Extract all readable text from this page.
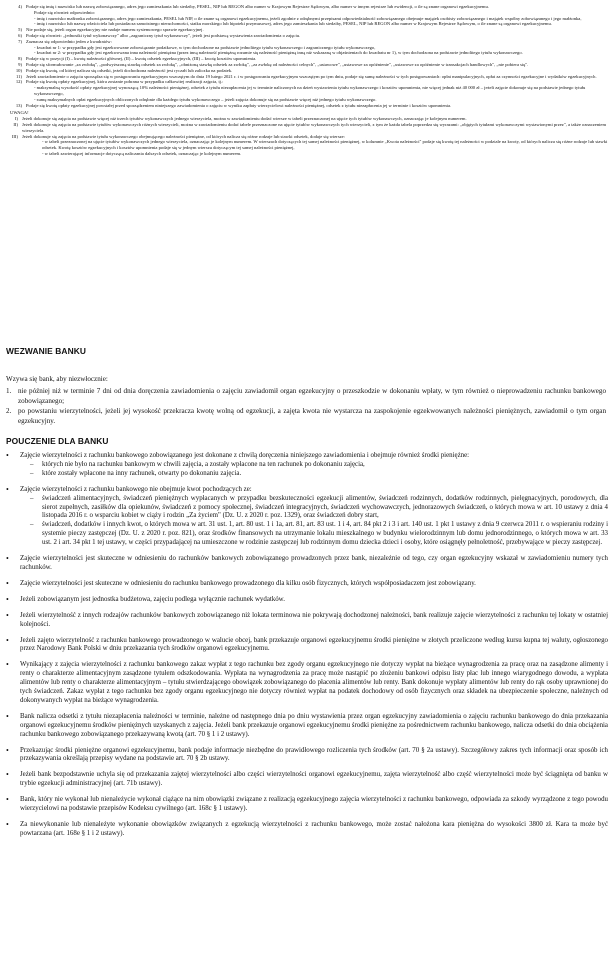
4) Podaje się imię i nazwisko lub nazwę zobowiązanego, adres jego zamieszkania lub siedziby, PESEL, NIP lub REGON albo numer w Krajowym Rejestrze Sądowym, albo numer w innym rejestrze lub ewidencji, o ile są znane organowi egzekucyjnemu.
Podaje się również odpowiednio:
- imię i nazwisko małżonka zobowiązanego, adres jego zamieszkania, PESEL lub NIP, o ile znane są organowi egzekucyjnemu, jeżeli zgodnie z odrębnymi przepisami odpowiedzialność zobowiązanego obejmuje majątek osobisty zobowiązanego i majątek wspólny zobowiązanego i jego małżonka,
- imię i nazwisko lub nazwę właściciela lub posiadacza samoistnego nieruchomości, statku morskiego lub hipoteki przymusowej, adres jego zamieszkania lub siedziby, PESEL, NIP lub REGON albo numer w Krajowym Rejestrze Sądowym, o ile znane są organowi egzekucyjnemu.
5) Nie podaje się, jeżeli organ egzekucyjny nie nadaje numeru systemowego sprawie egzekucyjnej.
6) Podaje się również: „jednostki tytuł wykonawczy" albo „zagraniczny tytuł wykonawczy", jeżeli jest podstawą wystawienia zawiadomienia o zajęciu.
7) Zaznacza się odpowiednio jeden z kwadratów:
- kwadrat nr 1: w przypadku gdy jest egzekwowane zobowiązanie podatkowe, w tym dochodzone na podstawie jednolitego tytułu wykonawczego i zagranicznego tytułu wykonawczego,
- kwadrat nr 2: w przypadku gdy jest egzekwowana inna należność pieniężna (przez inną należność pieniężną rozumie się należność pieniężną inną niż wskazaną w objaśnieniach do kwadratu nr 1), w tym dochodzona na podstawie jednolitego tytułu wykonawczego.
8) Podaje się w pozycji (I) – kwotę należności głównej, (II) – kwotę odsetek egzekucyjnych, (III) – kwotę kosztów upomnienia.
9) Podaje się sformułowanie „za zwłokę", „podwyższoną stawkę odsetek za zwłokę", „obniżoną stawkę odsetek za zwłokę", „za zwłokę od należności celnych", „ustawowe", „ustawowe za opóźnienie", „ustawowe za opóźnienie w transakcjach handlowych", „nie pobiera się".
10) Podaje się kwotę, od której nalicza się odsetki, jeżeli dochodzona należność jest ryczałt lub zaliczka na podatek.
11) Jeżeli zawiadomienie o zajęciu sporządza się w postępowaniu egzekucyjnym wszczętym do dnia 19 lutego 2021 r. i w postępowaniu egzekucyjnym wszczętym po tym dniu, podaje się sumę należności w tych postępowaniach: opłat manipulacyjnych, opłat za czynności egzekucyjne i wydatków egzekucyjnych.
12) Podaje się kwotę opłaty egzekucyjnej, która zostanie pobrana w przypadku całkowitej realizacji zajęcia, tj.:
- maksymalną wysokość opłaty egzekucyjnej wynoszącą 10% należności pieniężnej, odsetek z tytułu niezapłacenia jej w terminie naliczonych na dzień wystawienia tytułu wykonawczego i kosztów upomnienia, nie więcej jednak niż 40 000 zł – jeżeli zajęcie dokonuje się na podstawie jednego tytułu wykonawczego,
- sumę maksymalnych opłat egzekucyjnych obliczonych odrębnie dla każdego tytułu wykonawczego – jeżeli zajęcia dokonuje się na podstawie więcej niż jednego tytułu wykonawczego.
13) Podaje się kwotę opłaty egzekucyjnej powstałej przed sporządzeniem niniejszego zawiadomienia o zajęciu w wyniku zapłaty wierzycielowi należności pieniężnej, odsetek z tytułu niezapłacenia jej w terminie i kosztów upomnienia.

UWAGA!

I) Jeżeli dokonuje się zajęcia na podstawie więcej niż trzech tytułów wykonawczych jednego wierzyciela, można w zawiadomieniu dodać wiersze w tabeli przeznaczonej na ujęcie tych tytułów wykonawczych, oznaczając je kolejnym numerem.
II) Jeżeli dokonuje się zajęcia na podstawie tytułów wykonawczych różnych wierzycieli, można w zawiadomieniu dodać tabele przeznaczone na ujęcie tytułów wykonawczych tych wierzycieli, z tym że każda tabela poprzedza się wyrazami: „objętych tytułami wykonawczymi wystawionymi przez", a także oznaczeniem wierzyciela.
III) Jeżeli dokonuje się zajęcia na podstawie tytułu wykonawczego obejmującego należności pieniężne, od których nalicza się różne rodzaje lub stawki odsetek, dodaje się wiersze:
- w tabeli przeznaczonej na ujęcie tytułów wykonawczych jednego wierzyciela, oznaczając je kolejnym numerem. W wierszach dotyczących tej samej należności pieniężnej, w kolumnie „Kwota należności" podaje się kwotę tej należności w podziale na kwoty, od których nalicza się różne rodzaje lub stawki odsetek. Kwotę kosztów egzekucyjnych i kosztów upomnienia podaje się w jednym wierszu dotyczącym tej samej należności pieniężnej,
- w tabeli zawierającej informacje dotyczącą naliczania dalszych odsetek, oznaczając je kolejnym numerem.
WEZWANIE BANKU

Wzywa się bank, aby niezwłocznie:

1. nie później niż w terminie 7 dni od dnia doręczenia zawiadomienia o zajęciu zawiadomił organ egzekucyjny o przeszkodzie w dokonaniu wpłaty, w tym również o nieprowadzeniu rachunku bankowego zobowiązanego;
2. po powstaniu wierzytelności, jeżeli jej wysokość przekracza kwotę wolną od egzekucji, a zajęta kwota nie wystarcza na zaspokojenie egzekwowanych należności pieniężnych, zawiadomił o tym organ egzekucyjny.
POUCZENIE DLA BANKU
•	Zajęcie wierzytelności z rachunku bankowego zobowiązanego jest dokonane z chwilą doręczenia niniejszego zawiadomienia i obejmuje również środki pieniężne:
–	których nie było na rachunku bankowym w chwili zajęcia, a zostały wpłacone na ten rachunek po dokonaniu zajęcia,
–	które zostały wpłacone na inny rachunek, otwarty po dokonaniu zajęcia.
•	Zajęcie wierzytelności z rachunku bankowego nie obejmuje kwot pochodzących ze:
–	świadczeń alimentacyjnych, świadczeń pieniężnych wypłacanych w przypadku bezskuteczności egzekucji alimentów, świadczeń rodzinnych, dodatków rodzinnych, pielęgnacyjnych, porodowych, dla sierot zupełnych, zasiłków dla opiekunów, świadczeń z pomocy społecznej, świadczeń integracyjnych, świadczeń wychowawczych, jednorazowych świadczeń, o których mowa w art. 10 ustawy z dnia 4 listopada 2016 r. o wsparciu kobiet w ciąży i rodzin „Za życiem" (Dz. U. z 2020 r. poz. 1329), oraz świadczeń dobry start,
–	świadczeń, dodatków i innych kwot, o których mowa w art. 31 ust. 1, art. 80 ust. 1 i 1a, art. 81, art. 83 ust. 1 i 4, art. 84 pkt 2 i 3 i art. 140 ust. 1 pkt 1 ustawy z dnia 9 czerwca 2011 r. o wspieraniu rodziny i systemie pieczy zastępczej (Dz. U. z 2020 r. poz. 821), oraz środków finansowych na utrzymanie lokalu mieszkalnego w budynku wielorodzinnym lub domu jednorodzinnego, o których mowa w art. 33 ust. 2 i art. 34 pkt 1 tej ustawy, w części przypadającej na umieszczone w rodzinie zastępczej lub rodzinnym domu dziecka dzieci i osoby, które osiągnęły pełnoletność, przebywające w pieczy zastępczej.
•	Zajęcie wierzytelności jest skuteczne w odniesieniu do rachunków bankowych zobowiązanego prowadzonych przez bank, niezależnie od tego, czy organ egzekucyjny wskazał w zawiadomieniu numery tych rachunków.
•	Zajęcie wierzytelności jest skuteczne w odniesieniu do rachunku bankowego prowadzonego dla kilku osób fizycznych, których współposiadaczem jest zobowiązany.
•	Jeżeli zobowiązanym jest jednostka budżetowa, zajęciu podlega wyłącznie rachunek wydatków.
•	Jeżeli wierzytelność z innych rodzajów rachunków bankowych zobowiązanego niż lokata terminowa nie pokrywają dochodzonej należności, bank realizuje zajęcie wierzytelności z rachunku tej lokaty w ostatniej kolejności.
•	Jeżeli zajęto wierzytelność z rachunku bankowego prowadzonego w walucie obcej, bank przekazuje organowi egzekucyjnemu środki pieniężne w złotych przeliczone według kursu kupna tej waluty, ogłoszonego przez Narodowy Bank Polski w dniu przekazania tych środków organowi egzekucyjnemu.
•	Wynikający z zajęcia wierzytelności z rachunku bankowego zakaz wypłat z tego rachunku bez zgody organu egzekucyjnego nie dotyczy wypłat na bieżące wynagrodzenia za pracę oraz na zasądzone alimenty i renty o charakterze alimentacyjnym zasądzone tytułem odszkodowania. Wypłata na wynagrodzenia za pracę może nastąpić po złożeniu bankowi odpisu listy płac lub innego wiarygodnego dowodu, a wypłata alimentów lub renty o charakterze alimentacyjnym – tytułu stwierdzającego obowiązek zobowiązanego do płacenia alimentów lub renty. Bank dokonuje wypłaty alimentów lub renty do rąk osoby uprawnionej do tych świadczeń. Zakaz wypłat z tego rachunku bez zgody organu egzekucyjnego nie dotyczy również wypłat na podatek dochodowy od osób fizycznych oraz składek na ubezpieczenie społeczne, należnych od dokonywanych wypłat na bieżące wynagrodzenia.
•	Bank nalicza odsetki z tytułu niezapłacenia należności w terminie, należne od następnego dnia po dniu wystawienia przez organ egzekucyjny zawiadomienia o zajęciu rachunku bankowego do dnia przekazania organowi egzekucyjnemu środków pieniężnych uzyskanych z zajęcia. Jeżeli bank przekazuje organowi egzekucyjnemu środki pieniężne za pośrednictwem rachunku bankowego, nalicza odsetki do dnia obciążenia rachunku bankowego zobowiązanego przekazywaną kwotą (art. 70 § 1 i 2 ustawy).
•	Przekazując środki pieniężne organowi egzekucyjnemu, bank podaje informacje niezbędne do prawidłowego rozliczenia tych środków (art. 70 § 2a ustawy). Szczegółowy zakres tych informacji oraz sposób ich przekazywania określają przepisy wydane na podstawie art. 70 § 2b ustawy.
•	Jeżeli bank bezpodstawnie uchyla się od przekazania zajętej wierzytelności albo części wierzytelności organowi egzekucyjnemu, zajęta wierzytelność albo część wierzytelności może być ściągnięta od banku w trybie egzekucji administracyjnej (art. 71b ustawy).
•	Bank, który nie wykonał lub nienależycie wykonał ciążące na nim obowiązki związane z realizacją egzekucyjnego zajęcia wierzytelności z rachunku bankowego, odpowiada za szkody wyrządzone z tego powodu wierzycielowi na podstawie przepisów Kodeksu cywilnego (art. 168c § 1 ustawy).
•	Za niewykonanie lub nienależyte wykonanie obowiązków związanych z egzekucją wierzytelności z rachunku bankowego, może zostać nałożona kara pieniężna do wysokości 3800 zł. Kara ta może być powtarzana (art. 168e § 1 i 2 ustawy).
